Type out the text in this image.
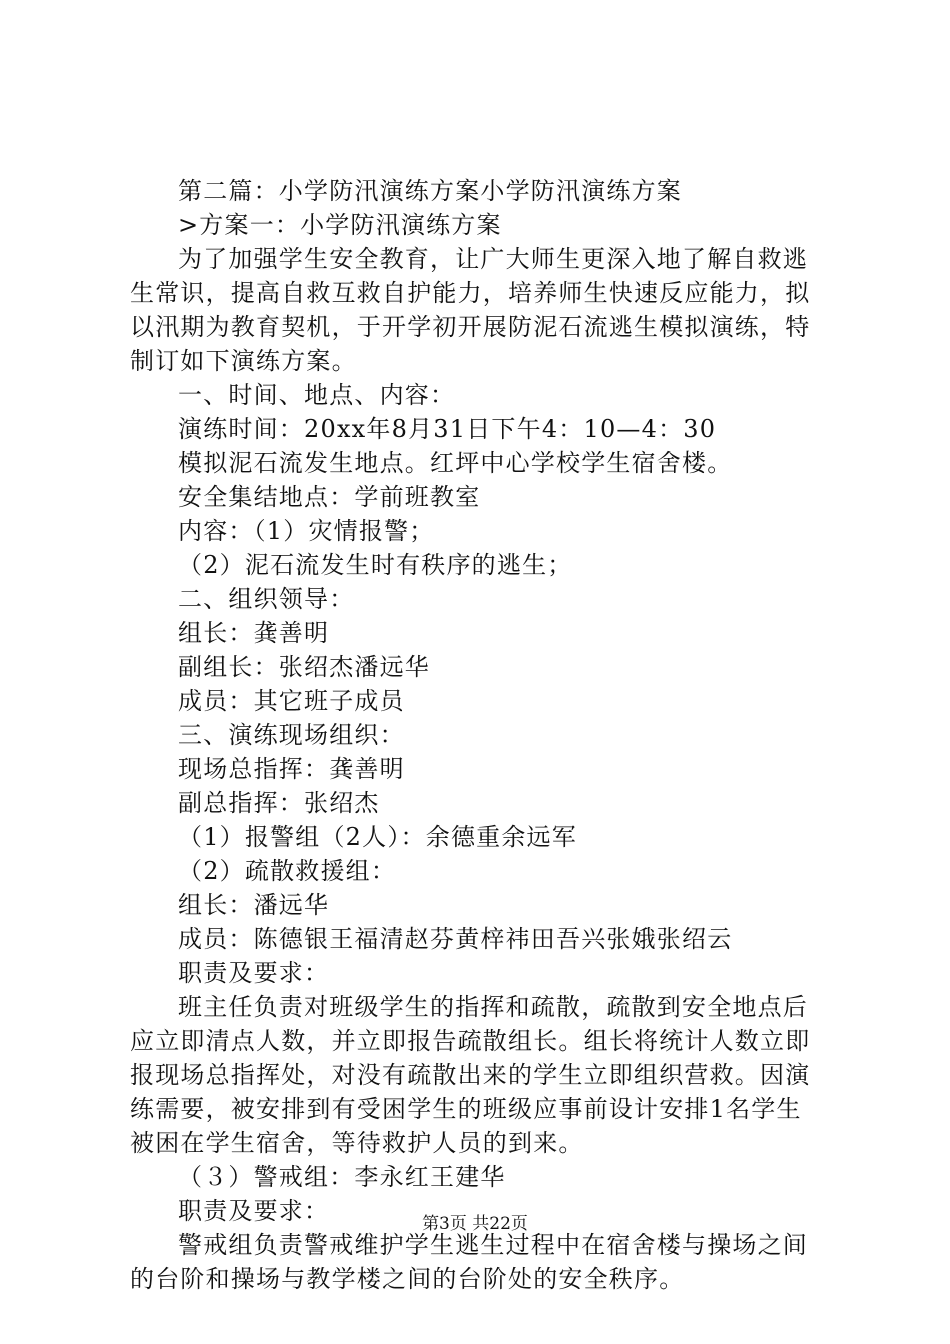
第二篇：小学防汛演练方案小学防汛演练方案
>方案一：小学防汛演练方案
为了加强学生安全教育，让广大师生更深入地了解自救逃
生常识，提高自救互救自护能力，培养师生快速反应能力，拟
以汛期为教育契机，于开学初开展防泥石流逃生模拟演练，特
制订如下演练方案。
一、时间、地点、内容：
演练时间：20xx年8月31日下午4：10—4：30
模拟泥石流发生地点。红坪中心学校学生宿舍楼。
安全集结地点：学前班教室
内容：（1）灾情报警；
（2）泥石流发生时有秩序的逃生；
二、组织领导：
组长：龚善明
副组长：张绍杰潘远华
成员：其它班子成员
三、演练现场组织：
现场总指挥：龚善明
副总指挥：张绍杰
（1）报警组（2人）：余德重余远军
（2）疏散救援组：
组长：潘远华
成员：陈德银王福清赵芬黄梓祎田吾兴张娥张绍云
职责及要求：
班主任负责对班级学生的指挥和疏散，疏散到安全地点后
应立即清点人数，并立即报告疏散组长。组长将统计人数立即
报现场总指挥处，对没有疏散出来的学生立即组织营救。因演
练需要，被安排到有受困学生的班级应事前设计安排1名学生
被困在学生宿舍，等待救护人员的到来。
（３）警戒组：李永红王建华
职责及要求：
警戒组负责警戒维护学生逃生过程中在宿舍楼与操场之间
的台阶和操场与教学楼之间的台阶处的安全秩序。
第3页 共22页
